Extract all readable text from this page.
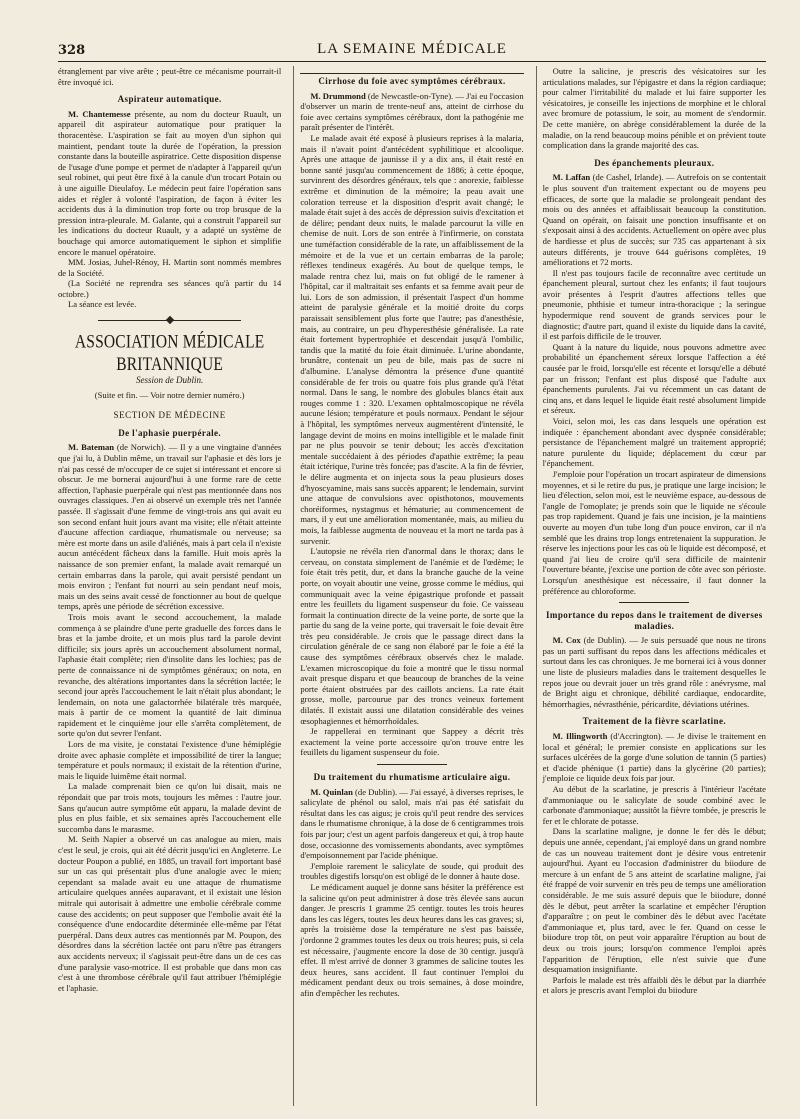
328	LA SEMAINE MÉDICALE

étranglement par vive arête ; peut-être ce mécanisme pourrait-il être invoqué ici.

Aspirateur automatique.

M. Chantemesse présente, au nom du docteur Ruault, un appareil dit aspirateur automatique pour pratiquer la thoracentèse. L'aspiration se fait au moyen d'un siphon qui maintient, pendant toute la durée de l'opération, la pression constante dans la bouteille aspiratrice. Cette disposition dispense de l'usage d'une pompe et permet de n'adapter à l'appareil qu'un seul robinet, qui peut être fixé à la canule d'un trocart Potain ou à une aiguille Dieulafoy. Le médecin peut faire l'opération sans aides et régler à volonté l'aspiration, de façon à éviter les accidents dus à la diminution trop forte ou trop brusque de la pression intra-pleurale. M. Galante, qui a construit l'appareil sur les indications du docteur Ruault, y a adapté un système de bouchage qui amorce automatiquement le siphon et simplifie encore le manuel opératoire.

MM. Josias, Juhel-Rénoy, H. Martin sont nommés membres de la Société.

(La Société ne reprendra ses séances qu'à partir du 14 octobre.)

La séance est levée.

ASSOCIATION MÉDICALE BRITANNIQUE
Session de Dublin.
(Suite et fin. — Voir notre dernier numéro.)
SECTION DE MÉDECINE
De l'aphasie puerpérale.

M. Bateman (de Norwich). — Il y a une vingtaine d'années que j'ai lu, à Dublin même, un travail sur l'aphasie et dès lors je n'ai pas cessé de m'occuper de ce sujet si intéressant et encore si obscur. Je me bornerai aujourd'hui à une forme rare de cette affection, l'aphasie puerpérale qui n'est pas mentionnée dans nos ouvrages classiques. J'en ai observé un exemple très net l'année passée. Il s'agissait d'une femme de vingt-trois ans qui avait eu son second enfant huit jours avant ma visite; elle n'était atteinte d'aucune affection cardiaque, rhumatismale ou nerveuse; sa mère est morte dans un asile d'aliénés, mais à part cela il n'existe aucun antécédent fâcheux dans la famille. Huit mois après la naissance de son premier enfant, la malade avait remarqué un certain embarras dans la parole, qui avait persisté pendant un mois environ ; l'enfant fut nourri au sein pendant neuf mois, mais un des seins avait cessé de fonctionner au bout de quelque temps, après une période de sécrétion excessive.

Trois mois avant le second accouchement, la malade commença à se plaindre d'une perte graduelle des forces dans le bras et la jambe droite, et un mois plus tard la parole devint difficile; six jours après un accouchement absolument normal, l'aphasie était complète; rien d'insolite dans les lochies; pas de perte de connaissance ni de symptômes généraux; on nota, en revanche, des altérations importantes dans la sécrétion lactée; le second jour après l'accouchement le lait n'était plus abondant; le lendemain, on nota une galactorrhée bilatérale très marquée, mais à partir de ce moment la quantité de lait diminua rapidement et le cinquième jour elle s'arrêta complètement, de sorte qu'on dut sevrer l'enfant.

Lors de ma visite, je constatai l'existence d'une hémiplégie droite avec aphasie complète et impossibilité de tirer la langue; température et pouls normaux; il existait de la rétention d'urine, mais le liquide luimême était normal.

La malade comprenait bien ce qu'on lui disait, mais ne répondait que par trois mots, toujours les mêmes : l'autre jour. Sans qu'aucun autre symptôme eût apparu, la malade devint de plus en plus faible, et six semaines après l'accouchement elle succomba dans le marasme.

M. Seith Napier a observé un cas analogue au mien, mais c'est le seul, je crois, qui ait été décrit jusqu'ici en Angleterre. Le docteur Poupon a publié, en 1885, un travail fort important basé sur un cas qui présentait plus d'une analogie avec le mien; cependant sa malade avait eu une attaque de rhumatisme articulaire quelques années auparavant, et il existait une lésion mitrale qui autorisait à admettre une embolie cérébrale comme cause des accidents; on peut supposer que l'embolie avait été la conséquence d'une endocardite déterminée elle-même par l'état puerpéral. Dans deux autres cas mentionnés par M. Poupon, des désordres dans la sécrétion lactée ont paru n'être pas étrangers aux accidents nerveux; il s'agissait peut-être dans un de ces cas d'une paralysie vaso-motrice. Il est probable que dans mon cas c'est à une thrombose cérébrale qu'il faut attribuer l'hémiplégie et l'aphasie.

Cirrhose du foie avec symptômes cérébraux.

M. Drummond (de Newcastle-on-Tyne). — J'ai eu l'occasion d'observer un marin de trente-neuf ans, atteint de cirrhose du foie avec certains symptômes cérébraux, dont la pathogénie me paraît présenter de l'intérêt.

Le malade avait été exposé à plusieurs reprises à la malaria, mais il n'avait point d'antécédent syphilitique et alcoolique. Après une attaque de jaunisse il y a dix ans, il était resté en bonne santé jusqu'au commencement de 1886; à cette époque, survinrent des désordres généraux, tels que : anorexie, faiblesse extrême et diminution de la mémoire; la peau avait une coloration terreuse et la disposition d'esprit avait changé; le malade était sujet à des accès de dépression suivis d'excitation et de délire; pendant deux nuits, le malade parcourut la ville en chemise de nuit. Lors de son entrée à l'infirmerie, on constata une tuméfaction considérable de la rate, un affaiblissement de la mémoire et de la vue et un certain embarras de la parole; réflexes tendineux exagérés. Au bout de quelque temps, le malade rentra chez lui, mais on fut obligé de le ramener à l'hôpital, car il maltraitait ses enfants et sa femme avait peur de lui. Lors de son admission, il présentait l'aspect d'un homme atteint de paralysie générale et la moitié droite du corps paraissait sensiblement plus forte que l'autre; pas d'anesthésie, mais, au contraire, un peu d'hyperesthésie généralisée. La rate était fortement hypertrophiée et descendait jusqu'à l'ombilic, tandis que la matité du foie était diminuée. L'urine abondante, brunâtre, contenait un peu de bile, mais pas de sucre ni d'albumine. L'analyse démontra la présence d'une quantité considérable de fer trois ou quatre fois plus grande qu'à l'état normal. Dans le sang, le nombre des globules blancs était aux rouges comme 1 : 320. L'examen ophtalmoscopique ne révéla aucune lésion; température et pouls normaux. Pendant le séjour à l'hôpital, les symptômes nerveux augmentèrent d'intensité, le langage devint de moins en moins intelligible et le malade finit par ne plus pouvoir se tenir debout; les accès d'excitation mentale succédaient à des périodes d'apathie extrême; la peau était ictérique, l'urine très foncée; pas d'ascite. A la fin de février, le délire augmenta et on injecta sous la peau plusieurs doses d'hyoscyamine, mais sans succès apparent; le lendemain, survint une attaque de convulsions avec opisthotonos, mouvements choréiformes, nystagmus et hématurie; au commencement de mars, il y eut une amélioration momentanée, mais, au milieu du mois, la faiblesse augmenta de nouveau et la mort ne tarda pas à survenir.

L'autopsie ne révéla rien d'anormal dans le thorax; dans le cerveau, on constata simplement de l'anémie et de l'œdème; le foie était très petit, dur, et dans la branche gauche de la veine porte, on voyait aboutir une veine, grosse comme le médius, qui communiquait avec la veine épigastrique profonde et passait entre les feuillets du ligament suspenseur du foie. Ce vaisseau formait la continuation directe de la veine porte, de sorte que la partie du sang de la veine porte, qui traversait le foie devait être très peu considérable. Je crois que le passage direct dans la circulation générale de ce sang non élaboré par le foie a été la cause des symptômes cérébraux observés chez le malade. L'examen microscopique du foie a montré que le tissu normal avait presque disparu et que beaucoup de branches de la veine porte étaient obstruées par des caillots anciens. La rate était grosse, molle, parcourue par des troncs veineux fortement dilatés. Il existait aussi une dilatation considérable des veines œsophagiennes et hémorrhoïdales.

Je rappellerai en terminant que Sappey a décrit très exactement la veine porte accessoire qu'on trouve entre les feuillets du ligament suspenseur du foie.

Du traitement du rhumatisme articulaire aigu.

M. Quinlan (de Dublin). — J'ai essayé, à diverses reprises, le salicylate de phénol ou salol, mais n'ai pas été satisfait du résultat dans les cas aigus; je crois qu'il peut rendre des services dans le rhumatisme chronique, à la dose de 6 centigrammes trois fois par jour; c'est un agent parfois dangereux et qui, à trop haute dose, occasionne des vomissements abondants, avec symptômes d'empoisonnement par l'acide phénique.

J'emploie rarement le salicylate de soude, qui produit des troubles digestifs lorsqu'on est obligé de le donner à haute dose.

Le médicament auquel je donne sans hésiter la préférence est la salicine qu'on peut administrer à dose très élevée sans aucun danger. Je prescris 1 gramme 25 centigr. toutes les trois heures dans les cas légers, toutes les deux heures dans les cas graves; si, après la troisième dose la température ne s'est pas baissée, j'ordonne 2 grammes toutes les deux ou trois heures; puis, si cela est nécessaire, j'augmente encore la dose de 30 centigr. jusqu'à effet. Il m'est arrivé de donner 3 grammes de salicine toutes les deux heures, sans accident. Il faut continuer l'emploi du médicament pendant deux ou trois semaines, à dose moindre, afin d'empêcher les rechutes.

Outre la salicine, je prescris des vésicatoires sur les articulations malades, sur l'épigastre et dans la région cardiaque; pour calmer l'irritabilité du malade et lui faire supporter les vésicatoires, je conseille les injections de morphine et le chloral avec bromure de potassium, le soir, au moment de s'endormir. De cette manière, on abrège considérablement la durée de la maladie, on la rend beaucoup moins pénible et on prévient toute complication dans la grande majorité des cas.

Des épanchements pleuraux.

M. Laffan (de Cashel, Irlande). — Autrefois on se contentait le plus souvent d'un traitement expectant ou de moyens peu efficaces, de sorte que la maladie se prolongeait pendant des mois ou des années et affaiblissait beaucoup la constitution. Quand on opérait, on faisait une ponction insuffisante et on s'exposait ainsi à des accidents. Actuellement on opère avec plus de hardiesse et plus de succès; sur 735 cas appartenant à six auteurs différents, je trouve 644 guérisons complètes, 19 améliorations et 72 morts.

Il n'est pas toujours facile de reconnaître avec certitude un épanchement pleural, surtout chez les enfants; il faut toujours avoir présentes à l'esprit d'autres affections telles que pneumonie, phthisie et tumeur intra-thoracique ; la seringue hypodermique rend souvent de grands services pour le diagnostic; d'autre part, quand il existe du liquide dans la cavité, il est parfois difficile de le trouver.

Quant à la nature du liquide, nous pouvons admettre avec probabilité un épanchement séreux lorsque l'affection a été causée par le froid, lorsqu'elle est récente et lorsqu'elle a débuté par un frisson; l'enfant est plus disposé que l'adulte aux épanchements purulents. J'ai vu récemment un cas datant de cinq ans, et dans lequel le liquide était resté absolument limpide et séreux.

Voici, selon moi, les cas dans lesquels une opération est indiquée : épanchement abondant avec dyspnée considérable; persistance de l'épanchement malgré un traitement approprié; nature purulente du liquide; déplacement du cœur par l'épanchement.

J'emploie pour l'opération un trocart aspirateur de dimensions moyennes, et si le retire du pus, je pratique une large incision; le lieu d'élection, selon moi, est le neuvième espace, au-dessous de l'angle de l'omoplate; je prends soin que le liquide ne s'écoule pas trop rapidement. Quand je fais une incision, je la maintiens ouverte au moyen d'un tube long d'un pouce environ, car il n'a semblé que les drains trop longs entretenaient la suppuration. Je réserve les injections pour les cas où le liquide est décomposé, et quand j'ai lieu de croire qu'il sera difficile de maintenir l'ouverture béante, j'excise une portion de côte avec son périoste. Lorsqu'un anesthésique est nécessaire, il faut donner la préférence au chloroforme.

Importance du repos dans le traitement de diverses maladies.

M. Cox (de Dublin). — Je suis persuadé que nous ne tirons pas un parti suffisant du repos dans les affections médicales et surtout dans les cas chroniques. Je me bornerai ici à vous donner une liste de plusieurs maladies dans le traitement desquelles le repos joue ou devrait jouer un très grand rôle : anévrysme, mal de Bright aigu et chronique, débilité cardiaque, endocardite, hémorrhagies, névrasthénie, péricardite, déviations utérines.

Traitement de la fièvre scarlatine.

M. Illingworth (d'Accrington). — Je divise le traitement en local et général; le premier consiste en applications sur les surfaces ulcérées de la gorge d'une solution de tannin (5 parties) et d'acide phénique (1 partie) dans la glycérine (20 parties); j'emploie ce liquide deux fois par jour.

Au début de la scarlatine, je prescris à l'intérieur l'acétate d'ammoniaque ou le salicylate de soude combiné avec le carbonate d'ammoniaque; aussitôt la fièvre tombée, je prescris le fer et le chlorate de potasse.

Dans la scarlatine maligne, je donne le fer dès le début; depuis une année, cependant, j'ai employé dans un grand nombre de cas un nouveau traitement dont je désire vous entretenir aujourd'hui. Ayant eu l'occasion d'administrer du biiodure de mercure à un enfant de 5 ans atteint de scarlatine maligne, j'ai été frappé de voir survenir en très peu de temps une amélioration considérable. Je me suis assuré depuis que le biiodure, donné dès le début, peut arrêter la scarlatine et empêcher l'éruption d'apparaître ; on peut le combiner dès le début avec l'acétate d'ammoniaque et, plus tard, avec le fer. Quand on cesse le biiodure trop tôt, on peut voir apparaître l'éruption au bout de deux ou trois jours; lorsqu'on commence l'emploi après l'apparition de l'éruption, elle n'est suivie que d'une desquamation insignifiante.

Parfois le malade est très affaibli dès le début par la diarrhée et alors je prescris avant l'emploi du biiodure
